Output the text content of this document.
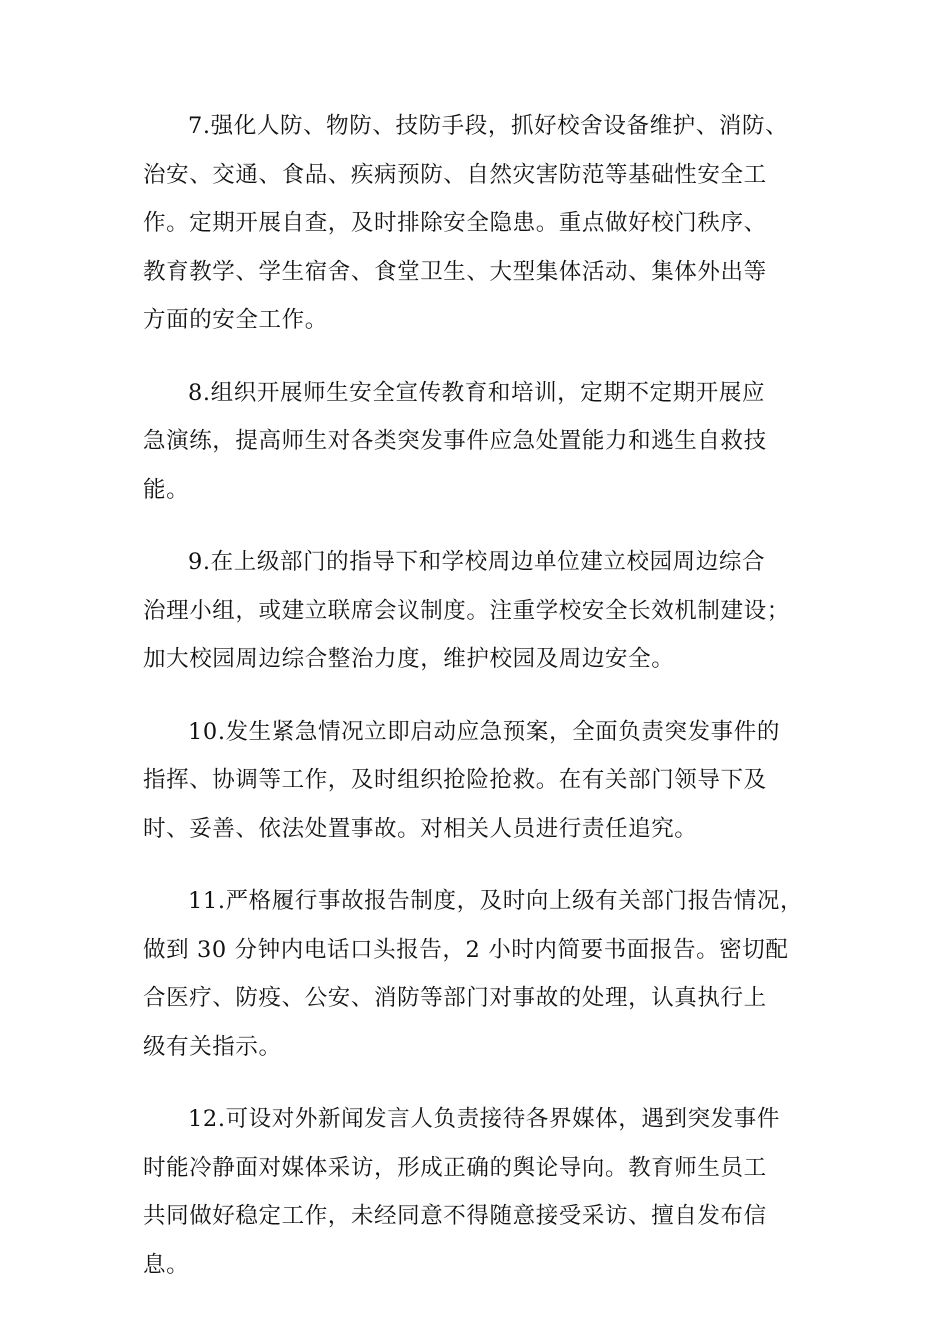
7.强化人防、物防、技防手段，抓好校舍设备维护、消防、
治安、交通、食品、疾病预防、自然灾害防范等基础性安全工
作。定期开展自查，及时排除安全隐患。重点做好校门秩序、
教育教学、学生宿舍、食堂卫生、大型集体活动、集体外出等
方面的安全工作。

8.组织开展师生安全宣传教育和培训，定期不定期开展应
急演练，提高师生对各类突发事件应急处置能力和逃生自救技
能。

9.在上级部门的指导下和学校周边单位建立校园周边综合
治理小组，或建立联席会议制度。注重学校安全长效机制建设；
加大校园周边综合整治力度，维护校园及周边安全。

10.发生紧急情况立即启动应急预案，全面负责突发事件的
指挥、协调等工作，及时组织抢险抢救。在有关部门领导下及
时、妥善、依法处置事故。对相关人员进行责任追究。

11.严格履行事故报告制度，及时向上级有关部门报告情况，
做到 30 分钟内电话口头报告，2 小时内简要书面报告。密切配
合医疗、防疫、公安、消防等部门对事故的处理，认真执行上
级有关指示。

12.可设对外新闻发言人负责接待各界媒体，遇到突发事件
时能冷静面对媒体采访，形成正确的舆论导向。教育师生员工
共同做好稳定工作，未经同意不得随意接受采访、擅自发布信
息。
